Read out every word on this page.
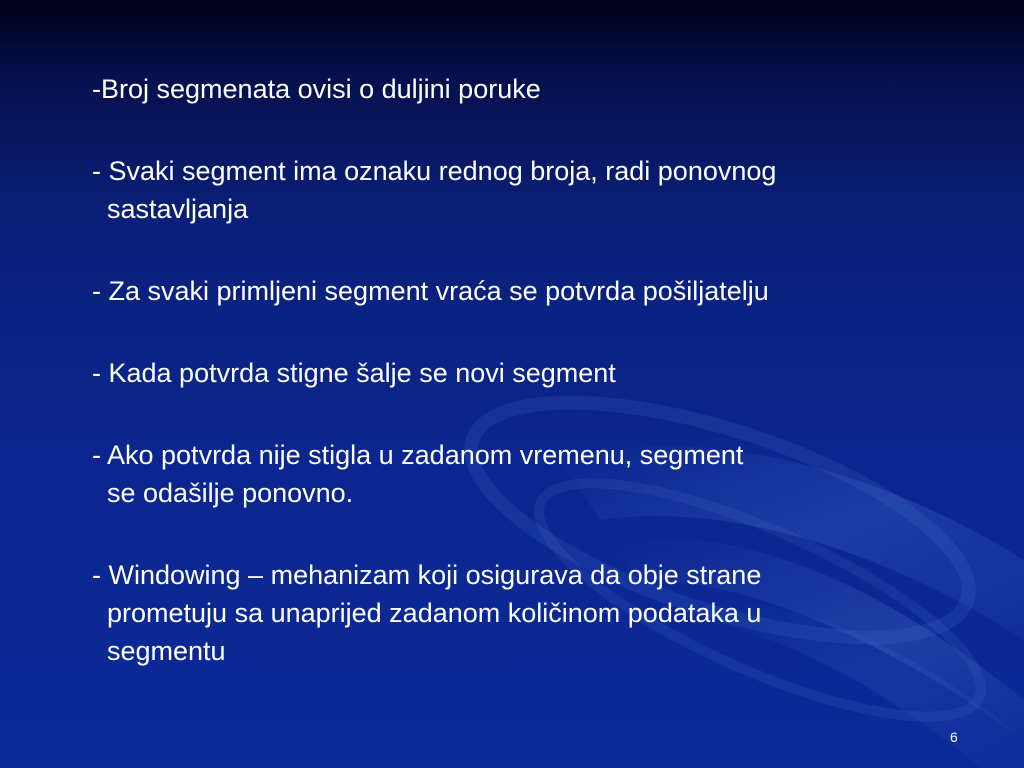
-Broj segmenata ovisi o duljini poruke

- Svaki segment ima oznaku rednog broja, radi ponovnog
sastavljanja

- Za svaki primljeni segment vraća se potvrda pošiljatelju

- Kada potvrda stigne šalje se novi segment

- Ako potvrda nije stigla u zadanom vremenu, segment
se odašilje ponovno.

- Windowing – mehanizam koji osigurava da obje strane
prometuju sa unaprijed zadanom količinom podataka u
segmentu

6
